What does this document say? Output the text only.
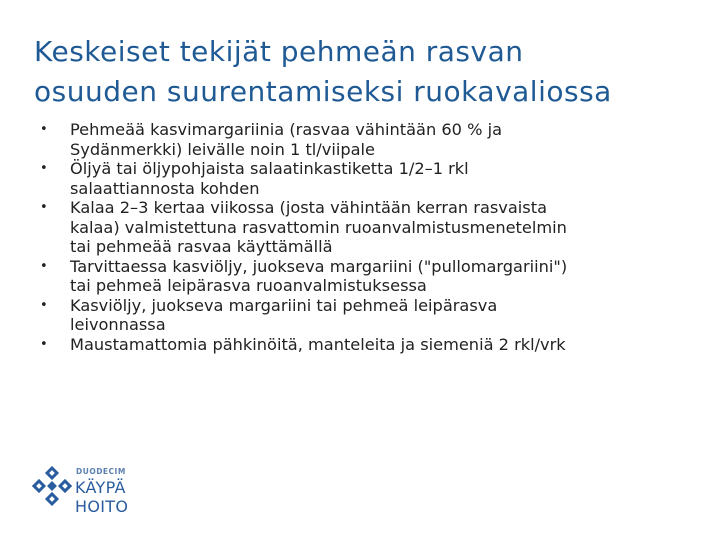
Keskeiset tekijät pehmeän rasvan
osuuden suurentamiseksi ruokavaliossa
•	Pehmeää kasvimargariinia (rasvaa vähintään 60 % ja
Sydänmerkki) leivälle noin 1 tl/viipale
•	Öljyä tai öljypohjaista salaatinkastiketta 1/2–1 rkl
salaattiannosta kohden
•	Kalaa 2–3 kertaa viikossa (josta vähintään kerran rasvaista
kalaa) valmistettuna rasvattomin ruoanvalmistusmenetelmin
tai pehmeää rasvaa käyttämällä
•	Tarvittaessa kasviöljy, juokseva margariini ("pullomargariini")
tai pehmeä leipärasva ruoanvalmistuksessa
•	Kasviöljy, juokseva margariini tai pehmeä leipärasva
leivonnassa
•	Maustamattomia pähkinöitä, manteleita ja siemeniä 2 rkl/vrk
DUODECIM
KÄYPÄ HOITO
